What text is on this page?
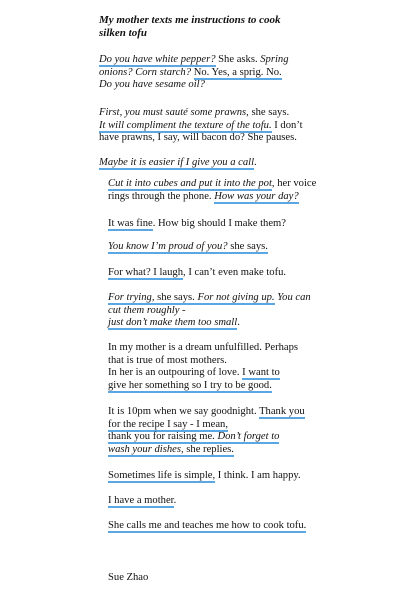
My mother texts me instructions to cook
silken tofu
Do you have white pepper? She asks. Spring
onions? Corn starch? No. Yes, a sprig. No.
Do you have sesame oil?
First, you must sauté some prawns, she says.
It will compliment the texture of the tofu. I don’t
have prawns, I say, will bacon do? She pauses.
Maybe it is easier if I give you a call.
Cut it into cubes and put it into the pot, her voice
rings through the phone. How was your day?
It was fine. How big should I make them?
You know I’m proud of you? she says.
For what? I laugh, I can’t even make tofu.
For trying, she says. For not giving up. You can
cut them roughly -
just don’t make them too small.
In my mother is a dream unfulfilled. Perhaps
that is true of most mothers.
In her is an outpouring of love. I want to
give her something so I try to be good.
It is 10pm when we say goodnight. Thank you
for the recipe I say - I mean,
thank you for raising me. Don’t forget to
wash your dishes, she replies.
Sometimes life is simple, I think. I am happy.
I have a mother.
She calls me and teaches me how to cook tofu.
Sue Zhao
